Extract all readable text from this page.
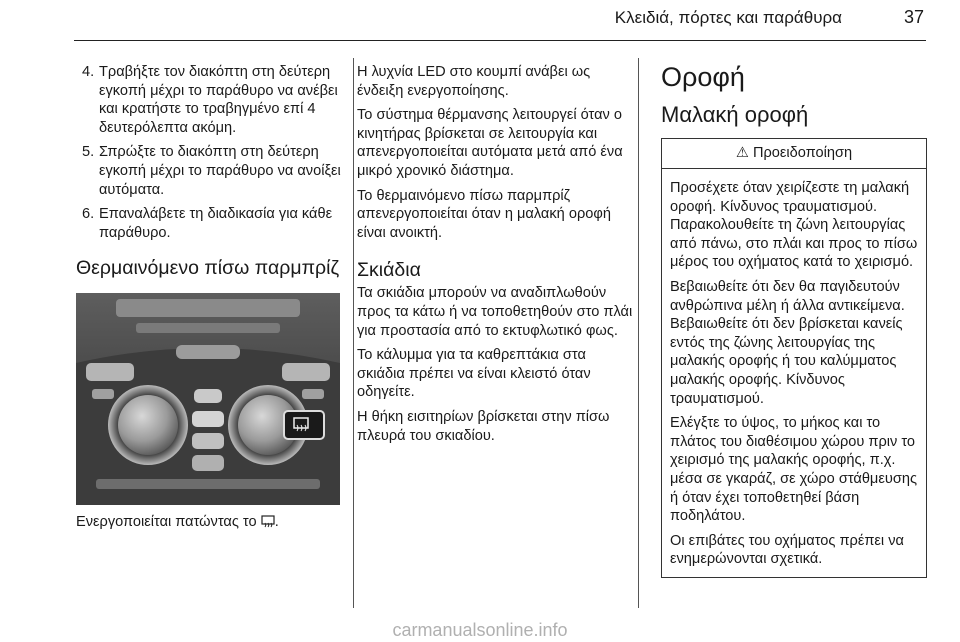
Κλειδιά, πόρτες και παράθυρα	37
4. Τραβήξτε τον διακόπτη στη δεύτερη εγκοπή μέχρι το παράθυρο να ανέβει και κρατήστε το τραβηγμένο επί 4 δευτερόλεπτα ακόμη.
5. Σπρώξτε το διακόπτη στη δεύτερη εγκοπή μέχρι το παράθυρο να ανοίξει αυτόματα.
6. Επαναλάβετε τη διαδικασία για κάθε παράθυρο.
Θερμαινόμενο πίσω παρμπρίζ
Ενεργοποιείται πατώντας το .

Η λυχνία LED στο κουμπί ανάβει ως ένδειξη ενεργοποίησης.

Το σύστημα θέρμανσης λειτουργεί όταν ο κινητήρας βρίσκεται σε λειτουργία και απενεργοποιείται αυτόματα μετά από ένα μικρό χρονικό διάστημα.

Το θερμαινόμενο πίσω παρμπρίζ απενεργοποιείται όταν η μαλακή οροφή είναι ανοικτή.

Σκιάδια

Τα σκιάδια μπορούν να αναδιπλωθούν προς τα κάτω ή να τοποθετηθούν στο πλάι για προστασία από το εκτυφλωτικό φως.

Το κάλυμμα για τα καθρεπτάκια στα σκιάδια πρέπει να είναι κλειστό όταν οδηγείτε.

Η θήκη εισιτηρίων βρίσκεται στην πίσω πλευρά του σκιαδίου.

Οροφή
Μαλακή οροφή
⚠ Προειδοποίηση

Προσέχετε όταν χειρίζεστε τη μαλακή οροφή. Κίνδυνος τραυματισμού. Παρακολουθείτε τη ζώνη λειτουργίας από πάνω, στο πλάι και προς το πίσω μέρος του οχήματος κατά το χειρισμό.

Βεβαιωθείτε ότι δεν θα παγιδευτούν ανθρώπινα μέλη ή άλλα αντικείμενα. Βεβαιωθείτε ότι δεν βρίσκεται κανείς εντός της ζώνης λειτουργίας της μαλακής οροφής ή του καλύμματος μαλακής οροφής. Κίνδυνος τραυματισμού.

Ελέγξτε το ύψος, το μήκος και το πλάτος του διαθέσιμου χώρου πριν το χειρισμό της μαλακής οροφής, π.χ. μέσα σε γκαράζ, σε χώρο στάθμευσης ή όταν έχει τοποθετηθεί βάση ποδηλάτου.

Οι επιβάτες του οχήματος πρέπει να ενημερώνονται σχετικά.

carmanualsonline.info
